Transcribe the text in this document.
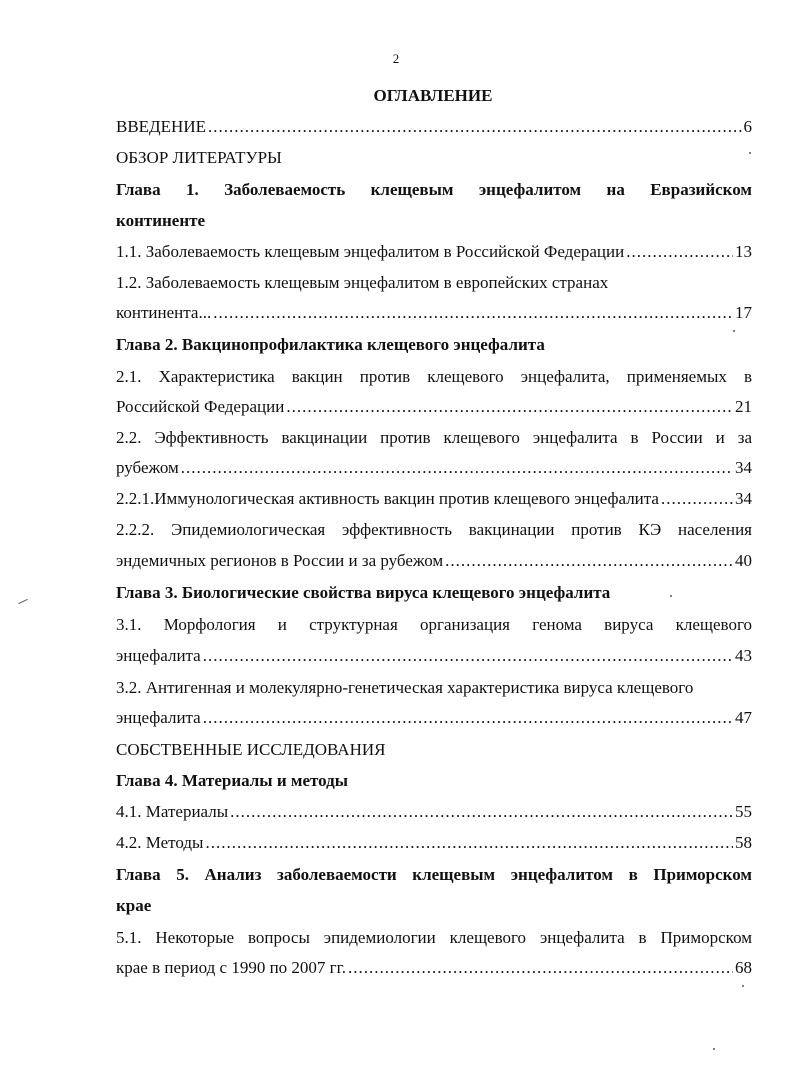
2
ОГЛАВЛЕНИЕ
ВВЕДЕНИЕ .....	6
ОБЗОР ЛИТЕРАТУРЫ
Глава 1. Заболеваемость клещевым энцефалитом на Евразийском
континенте
1.1. Заболеваемость клещевым энцефалитом в Российской Федерации .....	13
1.2. Заболеваемость клещевым энцефалитом в европейских странах
континента... .....	17
Глава 2. Вакцинопрофилактика клещевого энцефалита
2.1. Характеристика вакцин против клещевого энцефалита, применяемых в
Российской Федерации .....	21
2.2. Эффективность вакцинации против клещевого энцефалита в России и за
рубежом .....	34
2.2.1.Иммунологическая активность вакцин против клещевого энцефалита .....	34
2.2.2. Эпидемиологическая эффективность вакцинации против КЭ населения
эндемичных регионов в России и за рубежом .....	40
Глава 3. Биологические свойства вируса клещевого энцефалита
3.1. Морфология и структурная организация генома вируса клещевого
энцефалита .....	43
3.2. Антигенная и молекулярно-генетическая характеристика вируса клещевого
энцефалита .....	47
СОБСТВЕННЫЕ ИССЛЕДОВАНИЯ
Глава 4. Материалы и методы
4.1. Материалы .....	55
4.2. Методы .....	58
Глава 5. Анализ заболеваемости клещевым энцефалитом в Приморском
крае
5.1. Некоторые вопросы эпидемиологии клещевого энцефалита в Приморском
крае в период с 1990 по 2007 гг. .....	68
